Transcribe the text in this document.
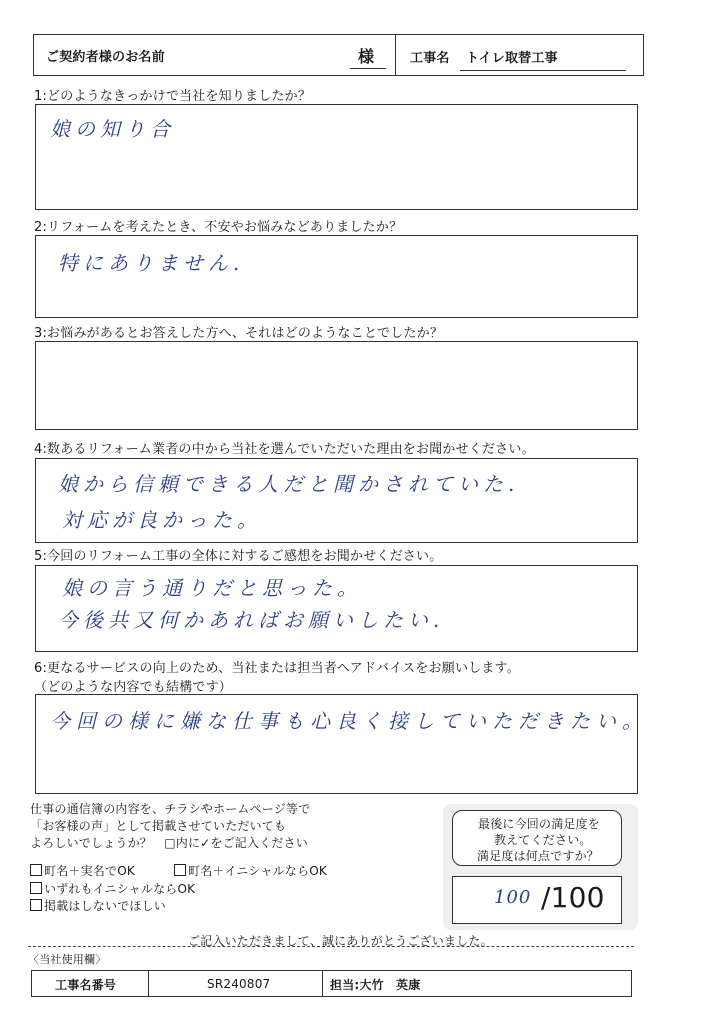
ご契約者様のお名前	様	工事名 トイレ取替工事
1:どのようなきっかけで当社を知りましたか？
娘の知り合
2:リフォームを考えたとき、不安やお悩みなどありましたか？
特にありません.
3:お悩みがあるとお答えした方へ、それはどのようなことでしたか？
4:数あるリフォーム業者の中から当社を選んでいただいた理由をお聞かせください。
娘から信頼できる人だと聞かされていた.
対応が良かった。
5:今回のリフォーム工事の全体に対するご感想をお聞かせください。
娘の言う通りだと思った。
今後共又何かあればお願いしたい.
6:更なるサービスの向上のため、当社または担当者へアドバイスをお願いします。
（どのような内容でも結構です）
今回の様に嫌な仕事も心良く接していただきたい。
仕事の通信簿の内容を、チラシやホームページ等で
「お客様の声」として掲載させていただいても
よろしいでしょうか？　□内に✓をご記入ください
町名＋実名でOK	町名＋イニシャルならOK
いずれもイニシャルならOK
掲載はしないでほしい
最後に今回の満足度を
教えてください。
満足度は何点ですか？
100 /100
ご記入いただきまして、誠にありがとうございました。
〈当社使用欄〉
工事名番号	SR240807	担当:大竹　英康
